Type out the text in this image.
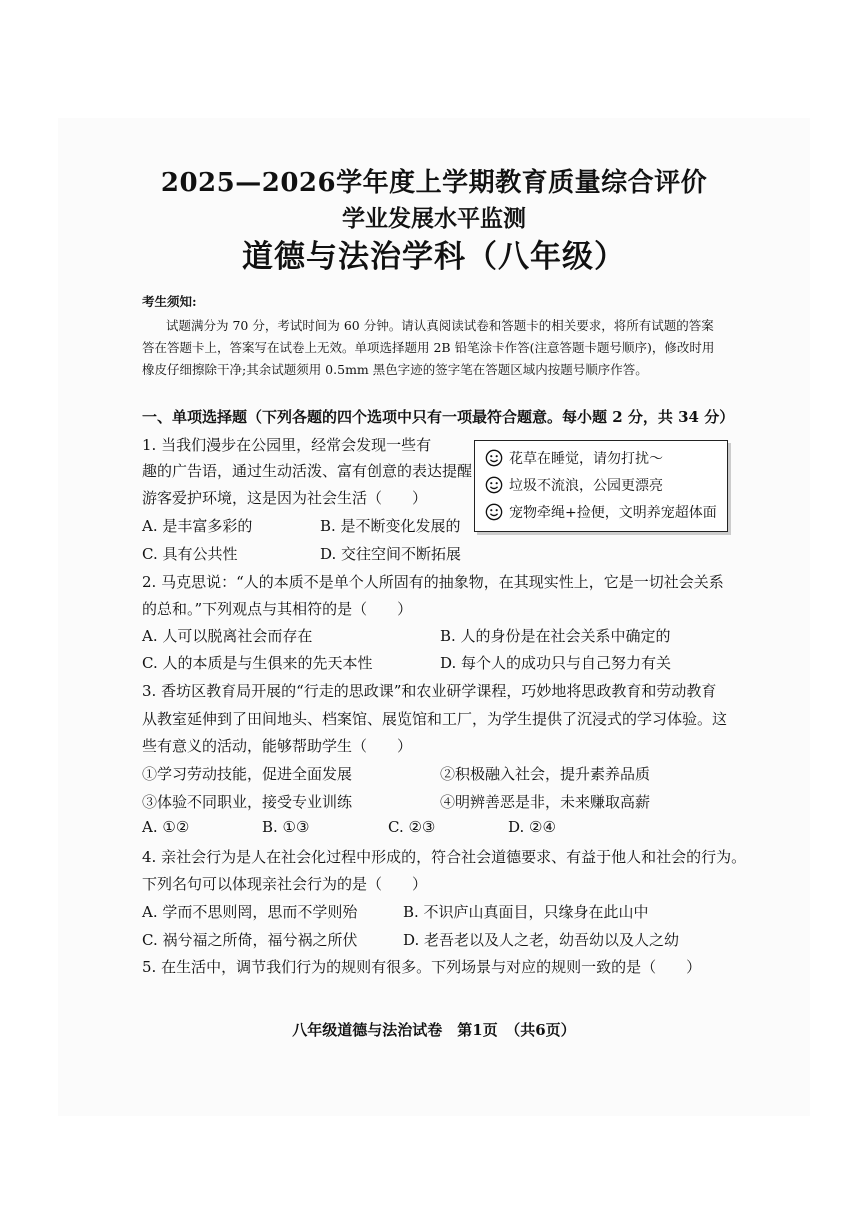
2025—2026学年度上学期教育质量综合评价
学业发展水平监测
道德与法治学科（八年级）
考生须知:
试题满分为 70 分，考试时间为 60 分钟。请认真阅读试卷和答题卡的相关要求，将所有试题的答案
答在答题卡上，答案写在试卷上无效。单项选择题用 2B 铅笔涂卡作答(注意答题卡题号顺序)，修改时用
橡皮仔细擦除干净;其余试题须用 0.5mm 黑色字迹的签字笔在答题区域内按题号顺序作答。
一、单项选择题（下列各题的四个选项中只有一项最符合题意。每小题 2 分，共 34 分）
1. 当我们漫步在公园里，经常会发现一些有
趣的广告语，通过生动活泼、富有创意的表达提醒
游客爱护环境，这是因为社会生活（　　）
A. 是丰富多彩的	B. 是不断变化发展的
C. 具有公共性	D. 交往空间不断拓展
花草在睡觉，请勿打扰～
垃圾不流浪，公园更漂亮
宠物牵绳+捡便，文明养宠超体面
2. 马克思说：“人的本质不是单个人所固有的抽象物，在其现实性上，它是一切社会关系
的总和。”下列观点与其相符的是（　　）
A. 人可以脱离社会而存在	B. 人的身份是在社会关系中确定的
C. 人的本质是与生俱来的先天本性	D. 每个人的成功只与自己努力有关
3. 香坊区教育局开展的“行走的思政课”和农业研学课程，巧妙地将思政教育和劳动教育
从教室延伸到了田间地头、档案馆、展览馆和工厂，为学生提供了沉浸式的学习体验。这
些有意义的活动，能够帮助学生（　　）
①学习劳动技能，促进全面发展	②积极融入社会，提升素养品质
③体验不同职业，接受专业训练	④明辨善恶是非，未来赚取高薪
A. ①②	B. ①③	C. ②③	D. ②④
4. 亲社会行为是人在社会化过程中形成的，符合社会道德要求、有益于他人和社会的行为。
下列名句可以体现亲社会行为的是（　　）
A. 学而不思则罔，思而不学则殆	B. 不识庐山真面目，只缘身在此山中
C. 祸兮福之所倚，福兮祸之所伏	D. 老吾老以及人之老，幼吾幼以及人之幼
5. 在生活中，调节我们行为的规则有很多。下列场景与对应的规则一致的是（　　）
八年级道德与法治试卷　第1页　（共6页）
